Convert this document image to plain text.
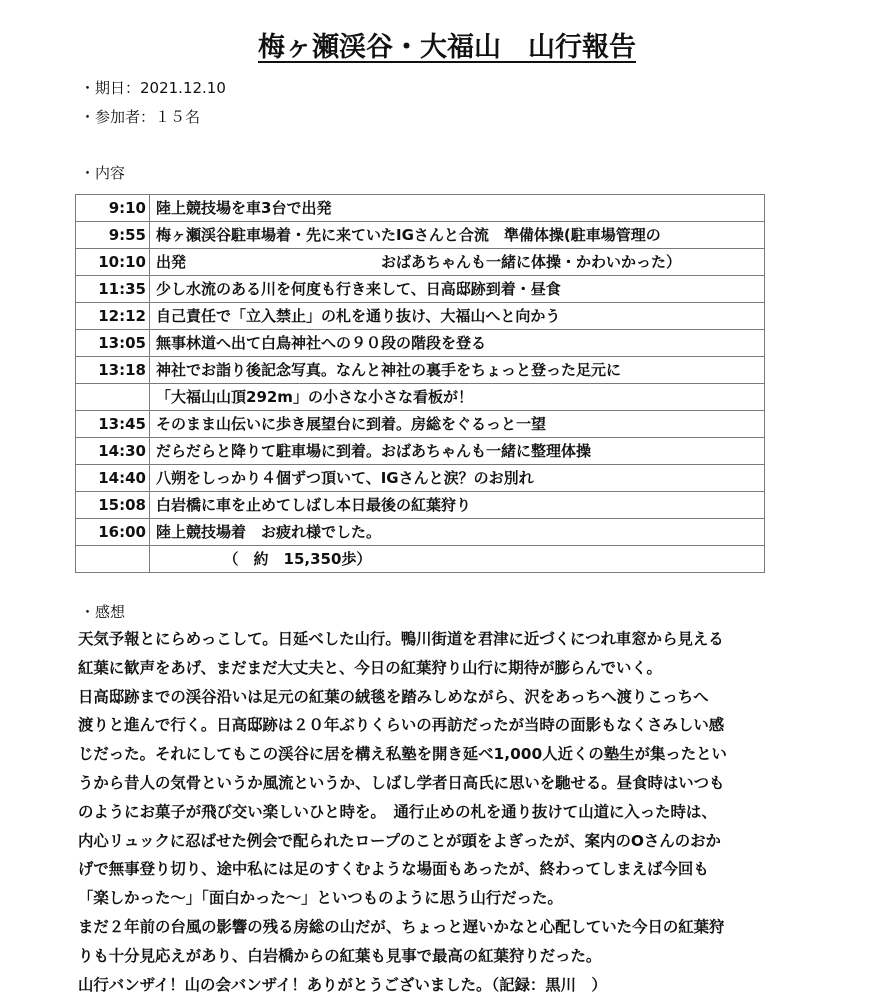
梅ヶ瀬渓谷・大福山　山行報告
・期日：2021.12.10
・参加者：１５名
・内容
9:10	陸上競技場を車3台で出発
9:55	梅ヶ瀬渓谷駐車場着・先に来ていたIGさんと合流　準備体操(駐車場管理の
10:10	出発　　　　　　　　　　　　　おばあちゃんも一緒に体操・かわいかった）
11:35	少し水流のある川を何度も行き来して、日高邸跡到着・昼食
12:12	自己責任で「立入禁止」の札を通り抜け、大福山へと向かう
13:05	無事林道へ出て白鳥神社への９０段の階段を登る
13:18	神社でお詣り後記念写真。なんと神社の裏手をちょっと登った足元に
	「大福山山頂292m」の小さな小さな看板が！
13:45	そのまま山伝いに歩き展望台に到着。房総をぐるっと一望
14:30	だらだらと降りて駐車場に到着。おばあちゃんも一緒に整理体操
14:40	八朔をしっかり４個ずつ頂いて、IGさんと涙？のお別れ
15:08	白岩橋に車を止めてしばし本日最後の紅葉狩り
16:00	陸上競技場着　お疲れ様でした。
	　　　　　（　約　15,350歩）
・感想
天気予報とにらめっこして。日延べした山行。鴨川街道を君津に近づくにつれ車窓から見える
紅葉に歓声をあげ、まだまだ大丈夫と、今日の紅葉狩り山行に期待が膨らんでいく。
日高邸跡までの渓谷沿いは足元の紅葉の絨毯を踏みしめながら、沢をあっちへ渡りこっちへ
渡りと進んで行く。日高邸跡は２０年ぶりくらいの再訪だったが当時の面影もなくさみしい感
じだった。それにしてもこの渓谷に居を構え私塾を開き延べ1,000人近くの塾生が集ったとい
うから昔人の気骨というか風流というか、しばし学者日高氏に思いを馳せる。昼食時はいつも
のようにお菓子が飛び交い楽しいひと時を。　通行止めの札を通り抜けて山道に入った時は、
内心リュックに忍ばせた例会で配られたロープのことが頭をよぎったが、案内のOさんのおか
げで無事登り切り、途中私には足のすくむような場面もあったが、終わってしまえば今回も
「楽しかった～」「面白かった～」といつものように思う山行だった。
まだ２年前の台風の影響の残る房総の山だが、ちょっと遅いかなと心配していた今日の紅葉狩
りも十分見応えがあり、白岩橋からの紅葉も見事で最高の紅葉狩りだった。
山行バンザイ！山の会バンザイ！ありがとうございました。（記録：黒川　）
